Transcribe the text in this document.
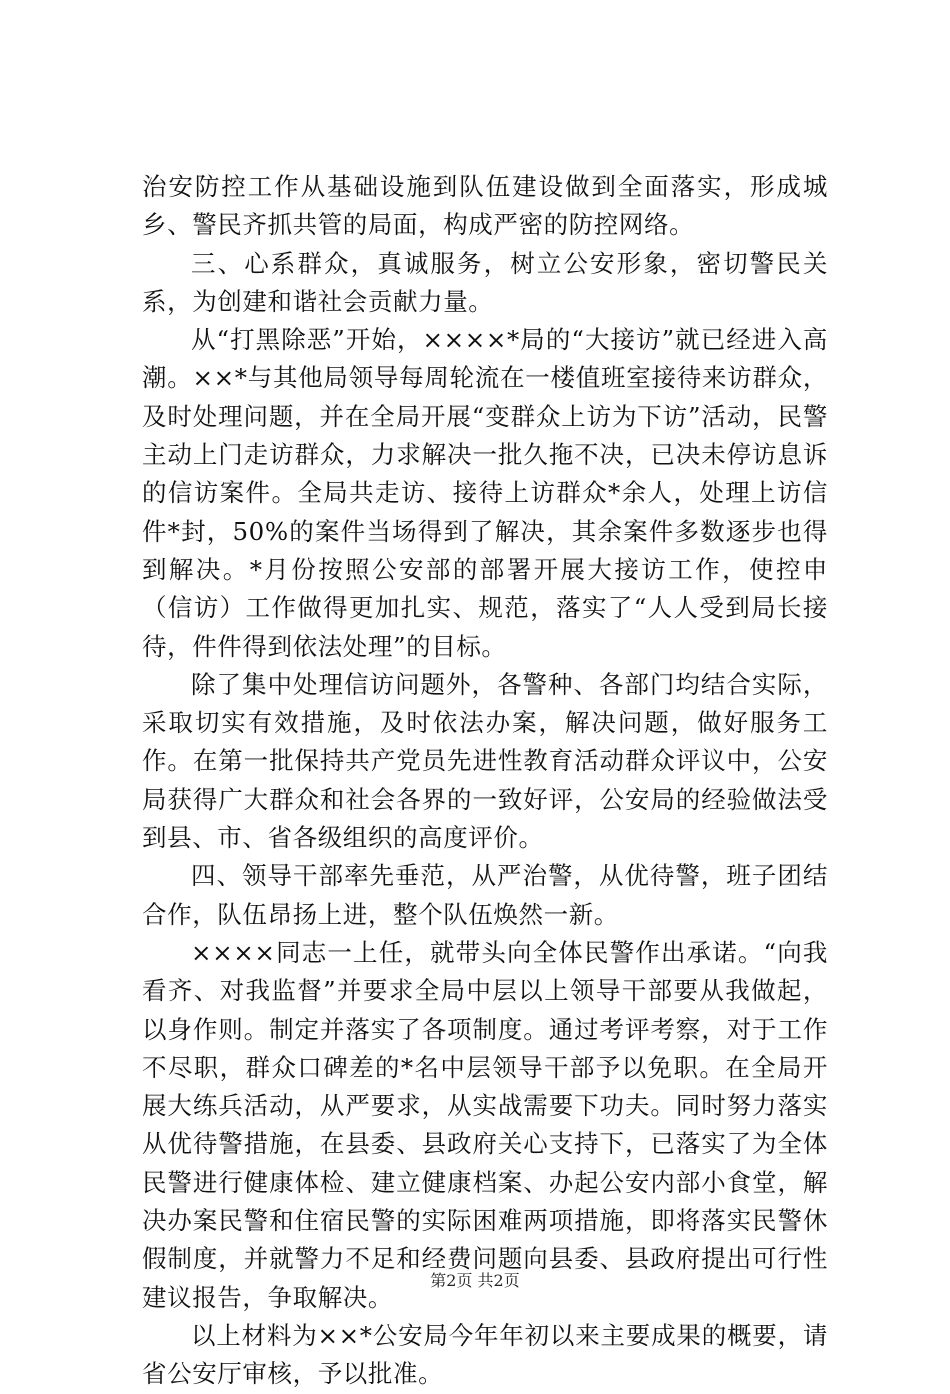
治安防控工作从基础设施到队伍建设做到全面落实，形成城乡、警民齐抓共管的局面，构成严密的防控网络。

三、心系群众，真诚服务，树立公安形象，密切警民关系，为创建和谐社会贡献力量。

从“打黑除恶”开始，××××*局的“大接访”就已经进入高潮。××*与其他局领导每周轮流在一楼值班室接待来访群众，及时处理问题，并在全局开展“变群众上访为下访”活动，民警主动上门走访群众，力求解决一批久拖不决，已决未停访息诉的信访案件。全局共走访、接待上访群众*余人，处理上访信件*封，50%的案件当场得到了解决，其余案件多数逐步也得到解决。*月份按照公安部的部署开展大接访工作，使控申（信访）工作做得更加扎实、规范，落实了“人人受到局长接待，件件得到依法处理”的目标。

除了集中处理信访问题外，各警种、各部门均结合实际，采取切实有效措施，及时依法办案，解决问题，做好服务工作。在第一批保持共产党员先进性教育活动群众评议中，公安局获得广大群众和社会各界的一致好评，公安局的经验做法受到县、市、省各级组织的高度评价。

四、领导干部率先垂范，从严治警，从优待警，班子团结合作，队伍昂扬上进，整个队伍焕然一新。

××××同志一上任，就带头向全体民警作出承诺。“向我看齐、对我监督”并要求全局中层以上领导干部要从我做起，以身作则。制定并落实了各项制度。通过考评考察，对于工作不尽职，群众口碑差的*名中层领导干部予以免职。在全局开展大练兵活动，从严要求，从实战需要下功夫。同时努力落实从优待警措施，在县委、县政府关心支持下，已落实了为全体民警进行健康体检、建立健康档案、办起公安内部小食堂，解决办案民警和住宿民警的实际困难两项措施，即将落实民警休假制度，并就警力不足和经费问题向县委、县政府提出可行性建议报告，争取解决。

以上材料为××*公安局今年年初以来主要成果的概要，请省公安厅审核，予以批准。

第2页 共2页
